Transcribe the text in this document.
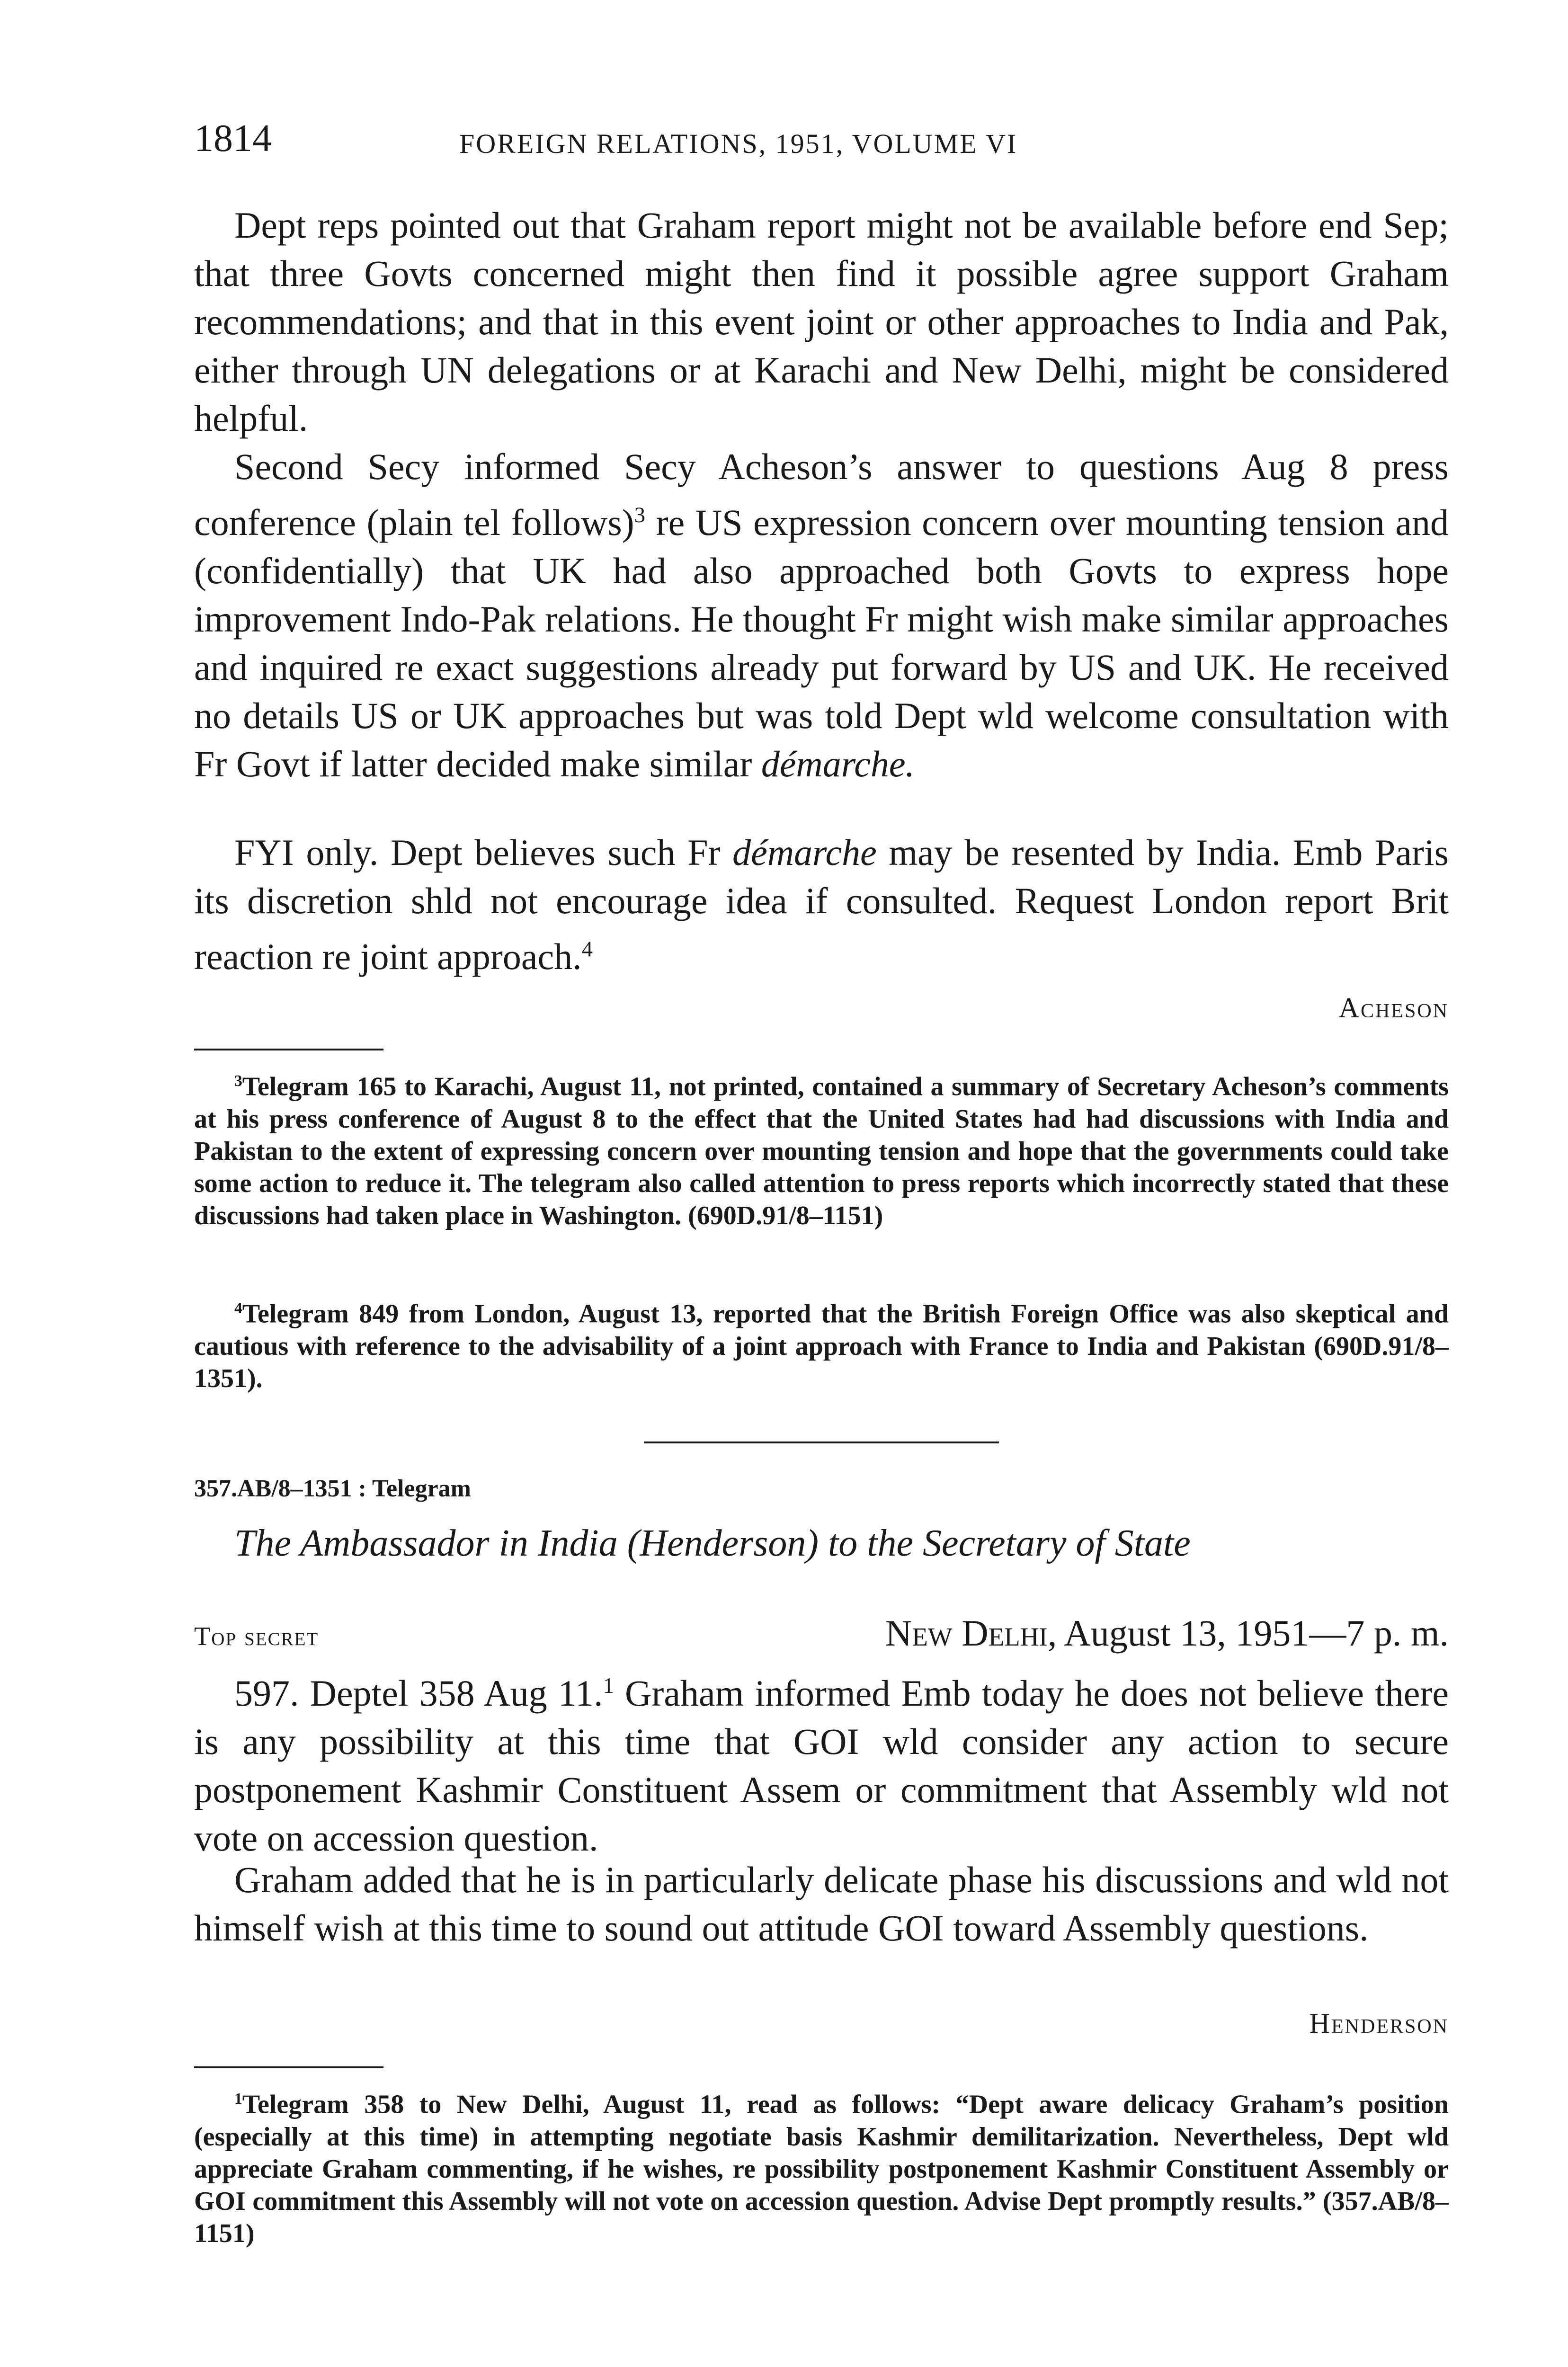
1814	FOREIGN RELATIONS, 1951, VOLUME VI

Dept reps pointed out that Graham report might not be available before end Sep; that three Govts concerned might then find it possible agree support Graham recommendations; and that in this event joint or other approaches to India and Pak, either through UN delegations or at Karachi and New Delhi, might be considered helpful.

Second Secy informed Secy Acheson’s answer to questions Aug 8 press conference (plain tel follows)$^3$ re US expression concern over mounting tension and (confidentially) that UK had also approached both Govts to express hope improvement Indo-Pak relations. He thought Fr might wish make similar approaches and inquired re exact suggestions already put forward by US and UK. He received no details US or UK approaches but was told Dept wld welcome consultation with Fr Govt if latter decided make similar démarche.

FYI only. Dept believes such Fr démarche may be resented by India. Emb Paris its discretion shld not encourage idea if consulted. Request London report Brit reaction re joint approach.$^4$

Acheson

$^3$Telegram 165 to Karachi, August 11, not printed, contained a summary of Secretary Acheson’s comments at his press conference of August 8 to the effect that the United States had had discussions with India and Pakistan to the extent of expressing concern over mounting tension and hope that the governments could take some action to reduce it. The telegram also called attention to press reports which incorrectly stated that these discussions had taken place in Washington. (690D.91/8–1151)

$^4$Telegram 849 from London, August 13, reported that the British Foreign Office was also skeptical and cautious with reference to the advisability of a joint approach with France to India and Pakistan (690D.91/8–1351).

357.AB/8–1351 : Telegram
The Ambassador in India (Henderson) to the Secretary of State
Top secret	New Delhi, August 13, 1951—7 p. m.

597. Deptel 358 Aug 11.$^1$ Graham informed Emb today he does not believe there is any possibility at this time that GOI wld consider any action to secure postponement Kashmir Constituent Assem or commitment that Assembly wld not vote on accession question.

Graham added that he is in particularly delicate phase his discussions and wld not himself wish at this time to sound out attitude GOI toward Assembly questions.

Henderson

$^1$Telegram 358 to New Delhi, August 11, read as follows: “Dept aware delicacy Graham’s position (especially at this time) in attempting negotiate basis Kashmir demilitarization. Nevertheless, Dept wld appreciate Graham commenting, if he wishes, re possibility postponement Kashmir Constituent Assembly or GOI commitment this Assembly will not vote on accession question. Advise Dept promptly results.” (357.AB/8–1151)
